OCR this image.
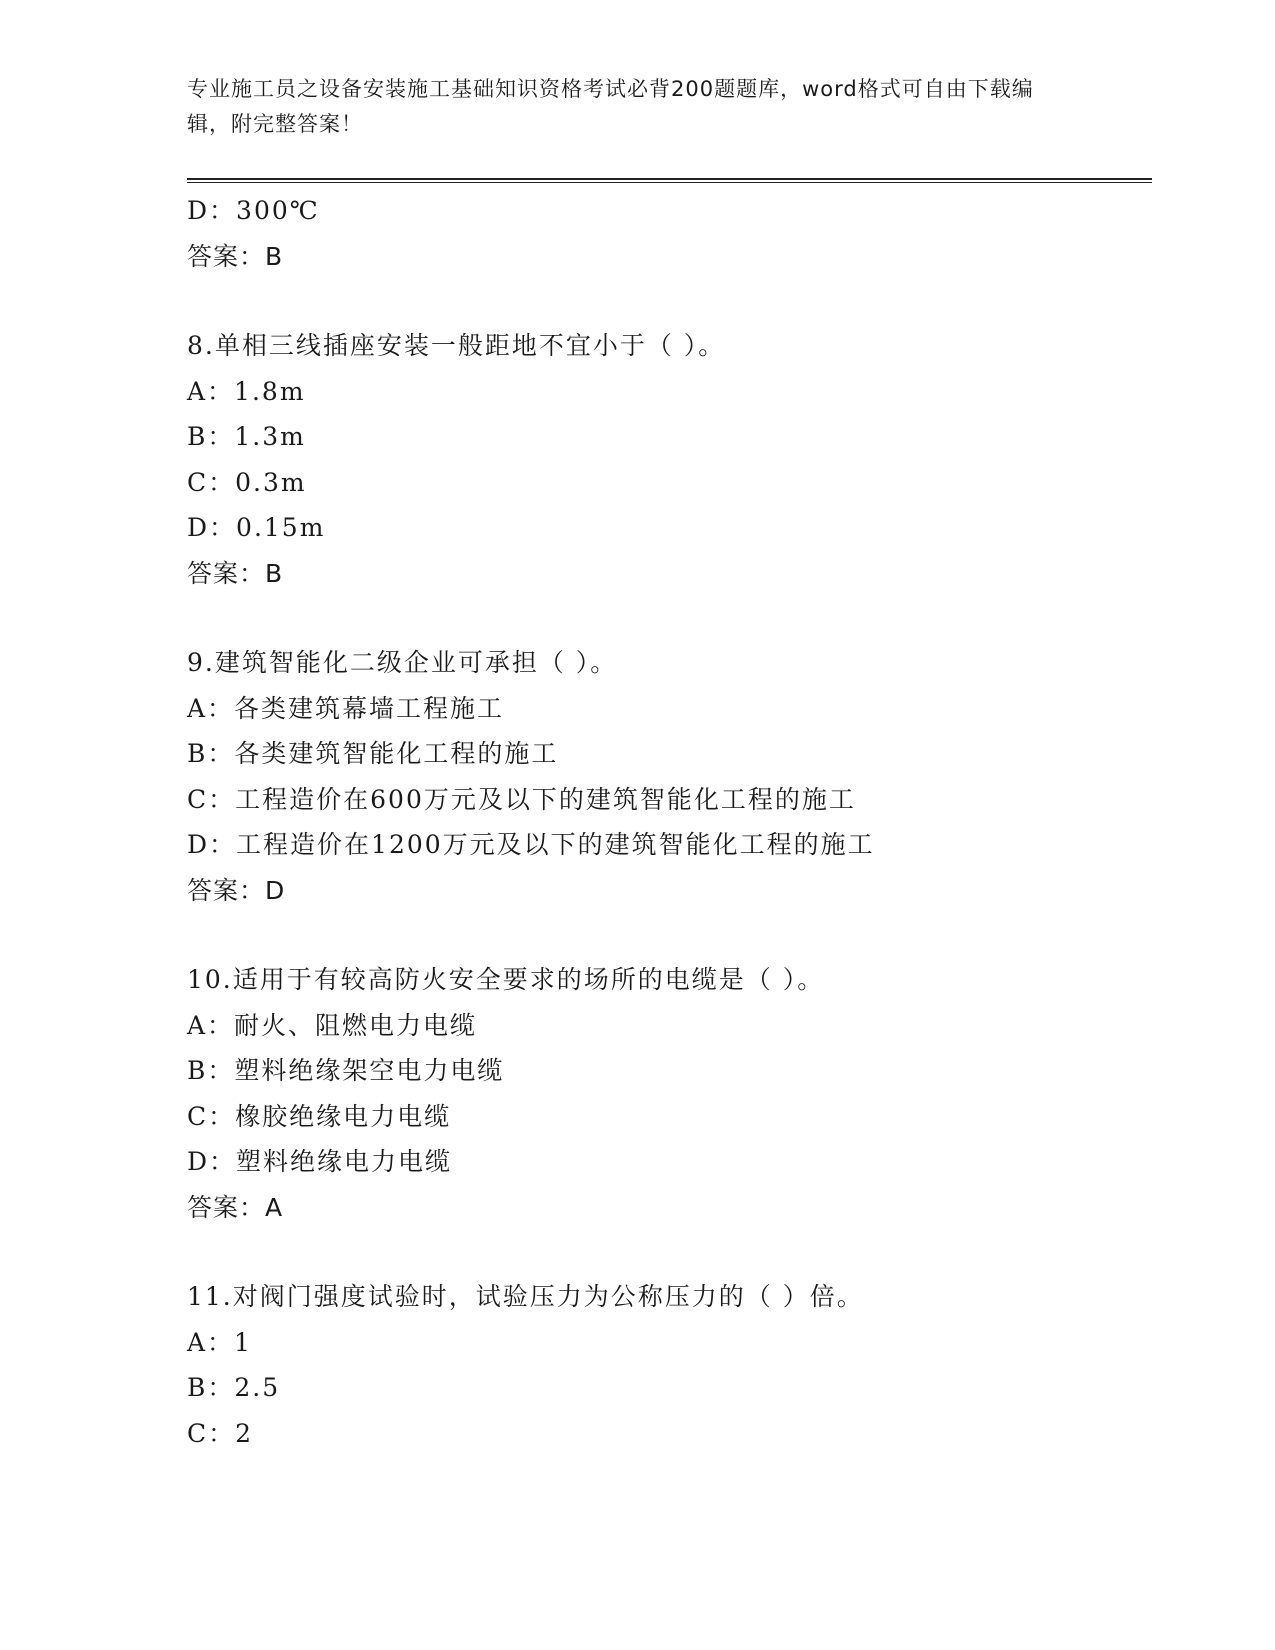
专业施工员之设备安装施工基础知识资格考试必背200题题库，word格式可自由下载编辑，附完整答案！
D：300℃
答案：B
8.单相三线插座安装一般距地不宜小于（ ）。
A：1.8m
B：1.3m
C：0.3m
D：0.15m
答案：B
9.建筑智能化二级企业可承担（ ）。
A：各类建筑幕墙工程施工
B：各类建筑智能化工程的施工
C：工程造价在600万元及以下的建筑智能化工程的施工
D：工程造价在1200万元及以下的建筑智能化工程的施工
答案：D
10.适用于有较高防火安全要求的场所的电缆是（ ）。
A：耐火、阻燃电力电缆
B：塑料绝缘架空电力电缆
C：橡胶绝缘电力电缆
D：塑料绝缘电力电缆
答案：A
11.对阀门强度试验时，试验压力为公称压力的（ ）倍。
A：1
B：2.5
C：2
